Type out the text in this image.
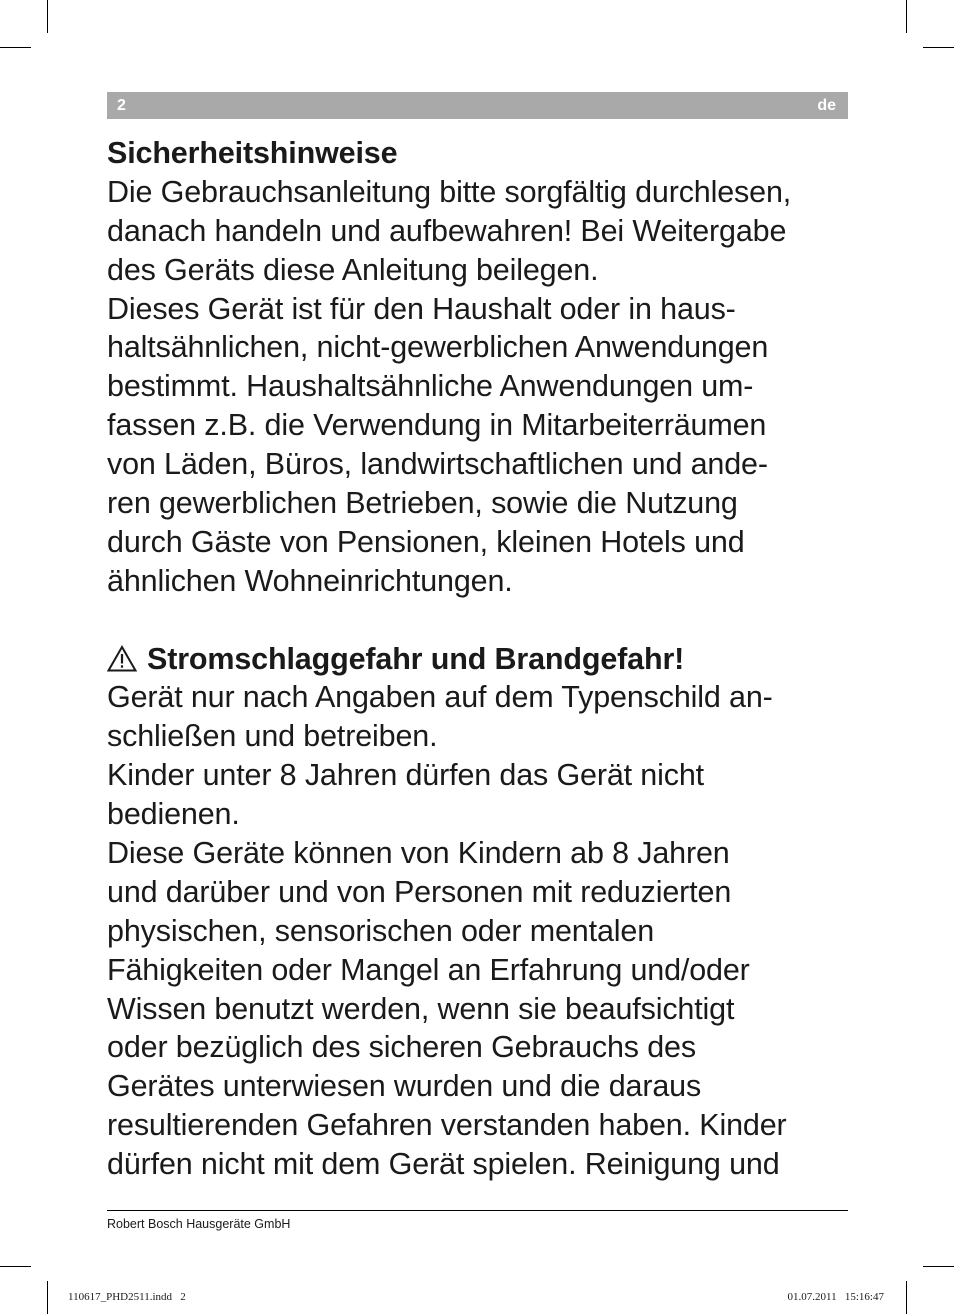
2	de
Sicherheitshinweise
Die Gebrauchsanleitung bitte sorgfältig durchlesen,
danach handeln und aufbewahren! Bei Weitergabe
des Geräts diese Anleitung beilegen.
Dieses Gerät ist für den Haushalt oder in haus-
haltsähnlichen, nicht-gewerblichen Anwendungen
bestimmt. Haushaltsähnliche Anwendungen um-
fassen z.B. die Verwendung in Mitarbeiterräumen
von Läden, Büros, landwirtschaftlichen und ande-
ren gewerblichen Betrieben, sowie die Nutzung
durch Gäste von Pensionen, kleinen Hotels und
ähnlichen Wohneinrichtungen.
Stromschlaggefahr und Brandgefahr!
Gerät nur nach Angaben auf dem Typenschild an-
schließen und betreiben.
Kinder unter 8 Jahren dürfen das Gerät nicht
bedienen.
Diese Geräte können von Kindern ab 8 Jahren
und darüber und von Personen mit reduzierten
physischen, sensorischen oder mentalen
Fähigkeiten oder Mangel an Erfahrung und/oder
Wissen benutzt werden, wenn sie beaufsichtigt
oder bezüglich des sicheren Gebrauchs des
Gerätes unterwiesen wurden und die daraus
resultierenden Gefahren verstanden haben. Kinder
dürfen nicht mit dem Gerät spielen. Reinigung und
Robert Bosch Hausgeräte GmbH
110617_PHD2511.indd   2	01.07.2011   15:16:47
